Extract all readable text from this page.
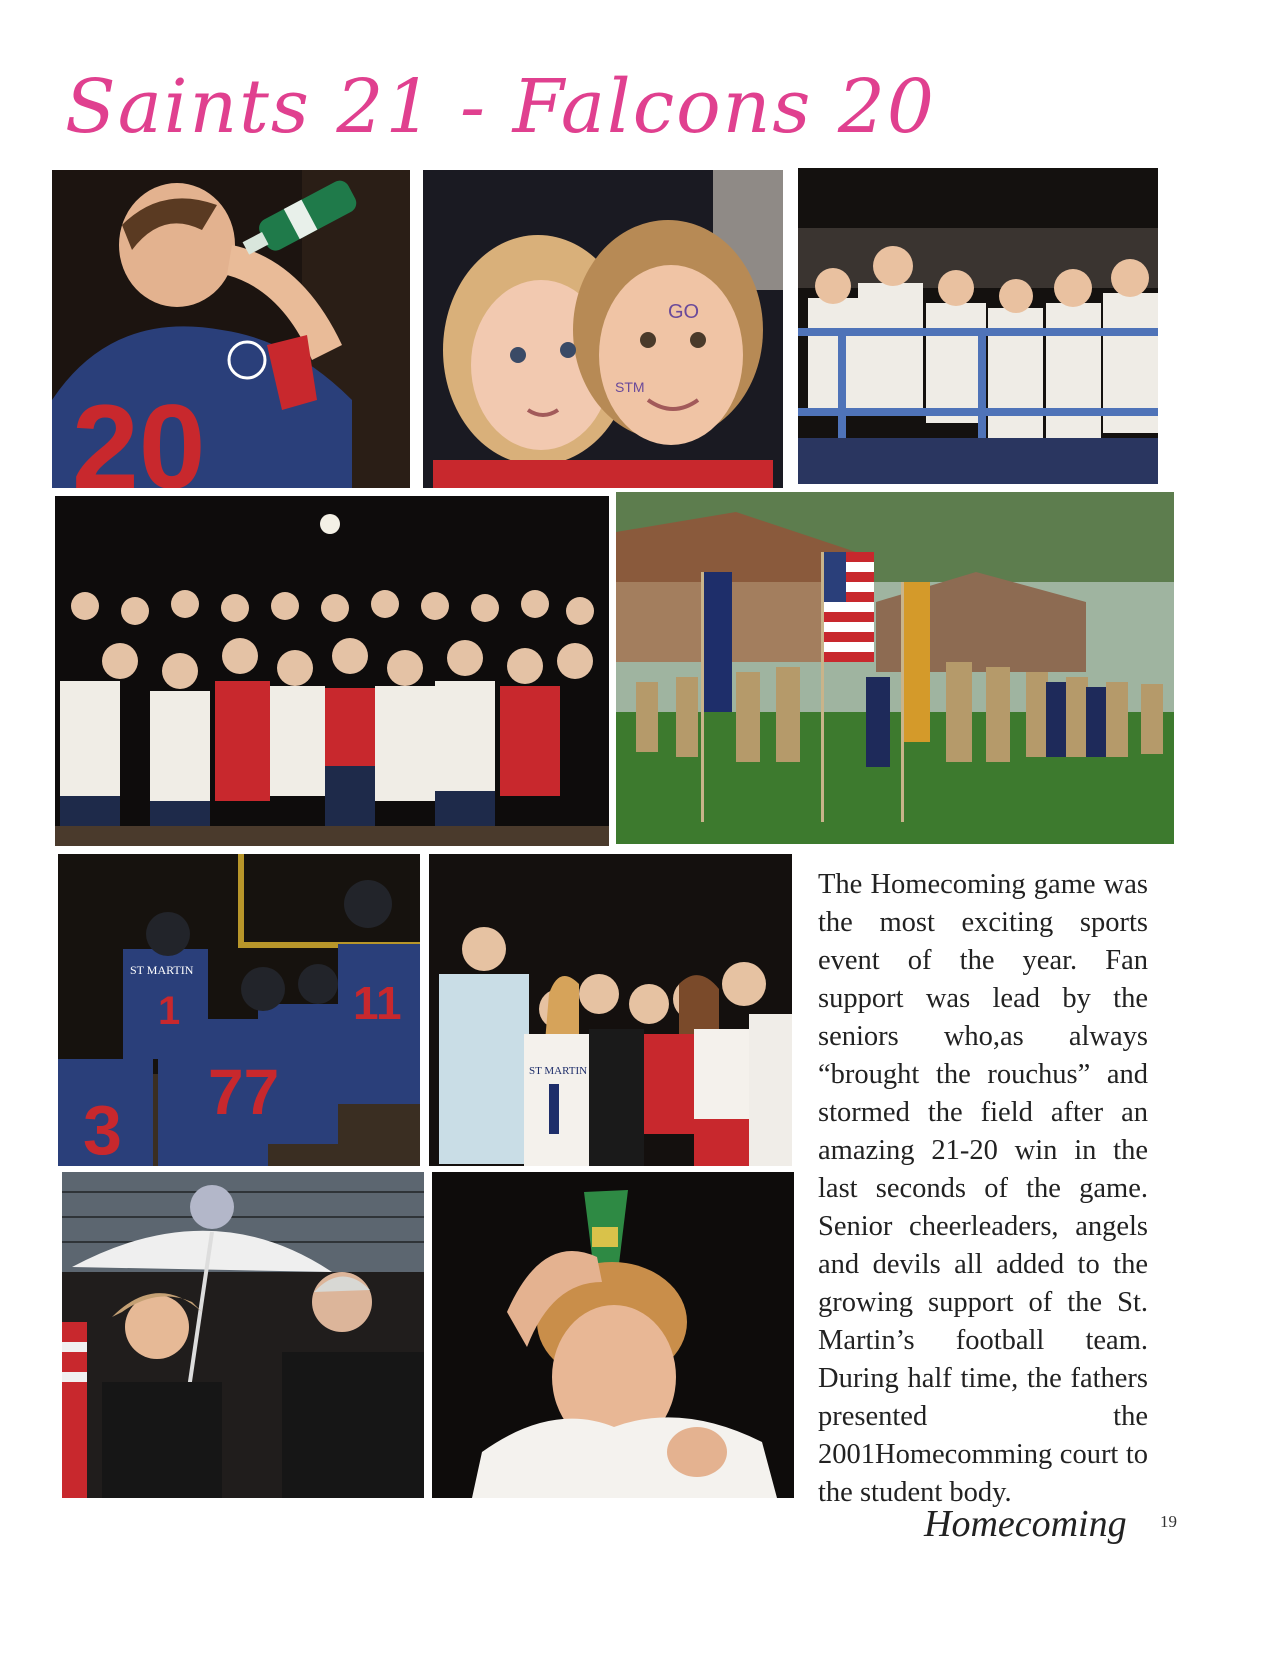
Saints 21 - Falcons 20
20
GO
STM
3 77
1	11
ST MARTIN
ST MARTIN
The Homecoming game was the most exciting sports event of the year. Fan support was lead by the seniors who,as always “brought the rouchus” and stormed the field after an amazing 21-20 win in the last seconds of the game. Senior cheerleaders, angels and devils all added to the growing support of the St. Martin’s football team. During half time, the fathers presented the 2001Homecomming court to the student body.
Homecoming 19
